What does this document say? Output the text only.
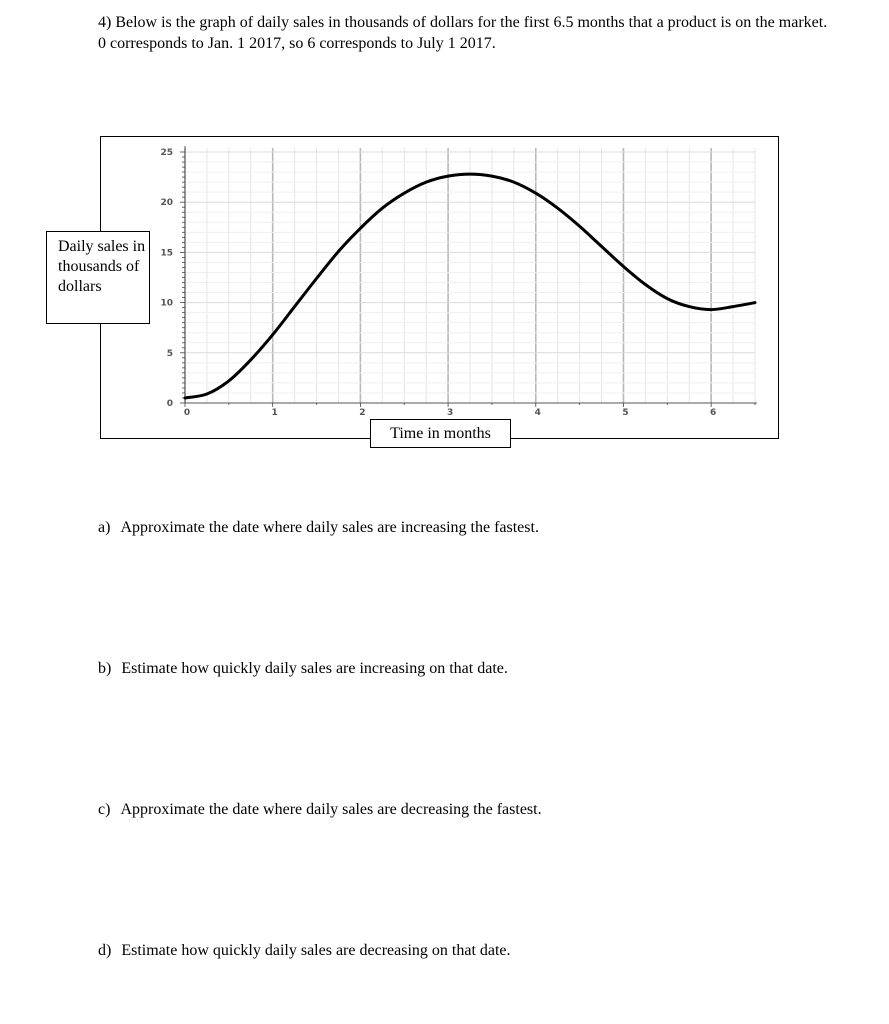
4) Below is the graph of daily sales in thousands of dollars for the first 6.5 months that a product is on the market.

0 corresponds to Jan. 1 2017, so 6 corresponds to July 1 2017.

0
5
10
15
20
25
0	1	2	3	4	5	6
Daily sales in thousands of dollars
Time in months
a) Approximate the date where daily sales are increasing the fastest.
b) Estimate how quickly daily sales are increasing on that date.
c) Approximate the date where daily sales are decreasing the fastest.
d) Estimate how quickly daily sales are decreasing on that date.
